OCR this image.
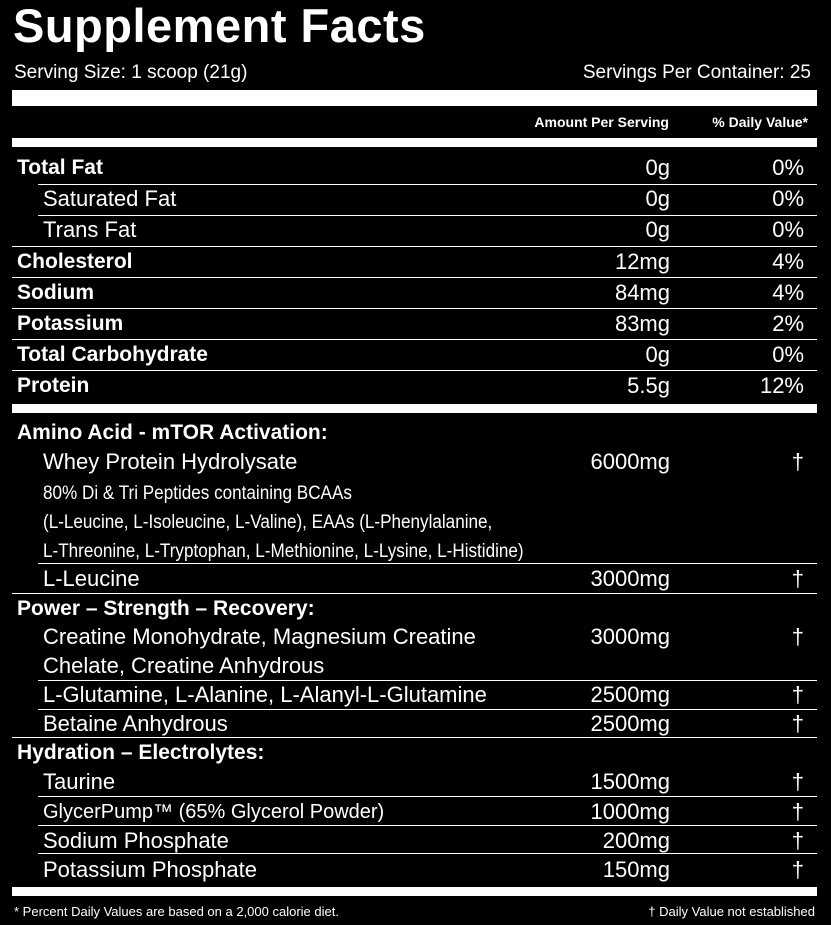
Supplement Facts
Serving Size: 1 scoop (21g)	Servings Per Container: 25
Amount Per Serving	% Daily Value*
Total Fat	0g	0%
Saturated Fat	0g	0%
Trans Fat	0g	0%
Cholesterol	12mg	4%
Sodium	84mg	4%
Potassium	83mg	2%
Total Carbohydrate	0g	0%
Protein	5.5g	12%
Amino Acid - mTOR Activation:
Whey Protein Hydrolysate	6000mg	†
80% Di & Tri Peptides containing BCAAs
(L-Leucine, L-Isoleucine, L-Valine), EAAs (L-Phenylalanine,
L-Threonine, L-Tryptophan, L-Methionine, L-Lysine, L-Histidine)
L-Leucine	3000mg	†
Power – Strength – Recovery:
Creatine Monohydrate, Magnesium Creatine	3000mg	†
Chelate, Creatine Anhydrous
L-Glutamine, L-Alanine, L-Alanyl-L-Glutamine	2500mg	†
Betaine Anhydrous	2500mg	†
Hydration – Electrolytes:
Taurine	1500mg	†
GlycerPump™ (65% Glycerol Powder)	1000mg	†
Sodium Phosphate	200mg	†
Potassium Phosphate	150mg	†
* Percent Daily Values are based on a 2,000 calorie diet.	† Daily Value not established
